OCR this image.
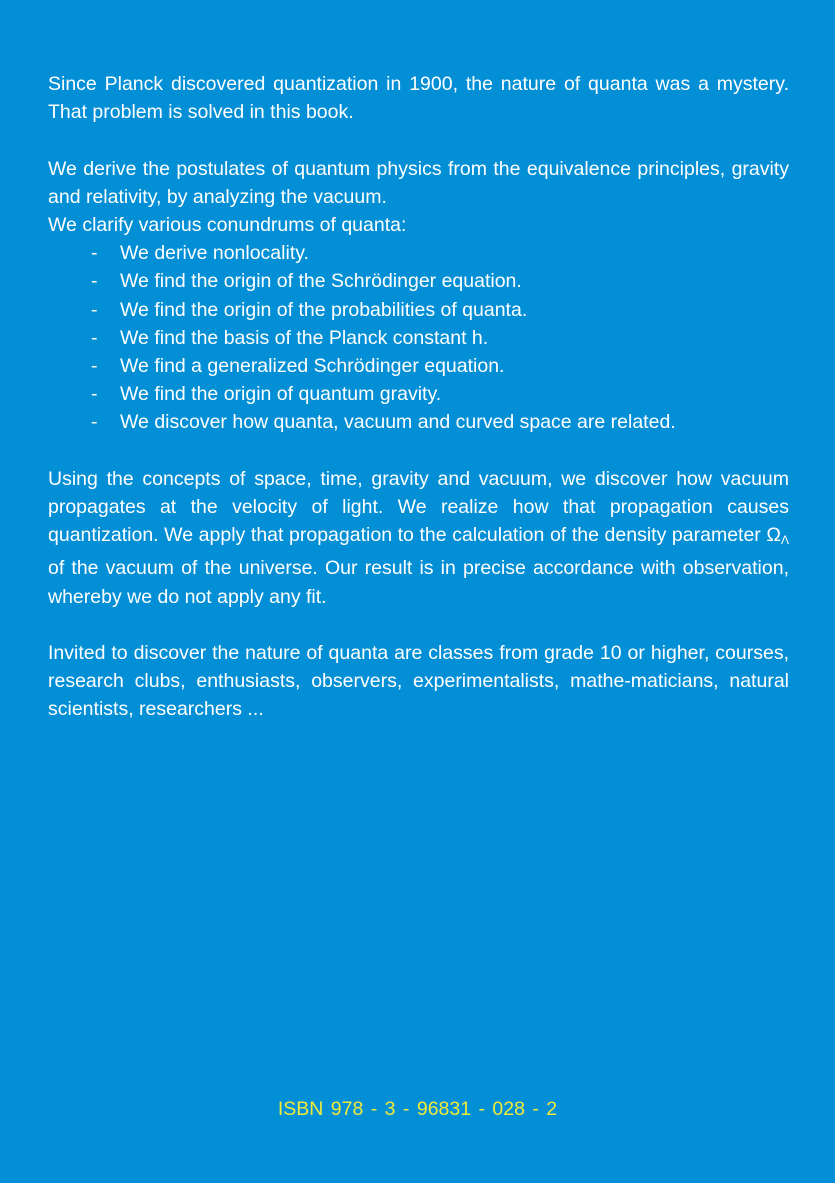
Since Planck discovered quantization in 1900, the nature of quanta was a mystery. That problem is solved in this book.

We derive the postulates of quantum physics from the equivalence principles, gravity and relativity, by analyzing the vacuum.

We clarify various conundrums of quanta:

- We derive nonlocality.
- We find the origin of the Schrödinger equation.
- We find the origin of the probabilities of quanta.
- We find the basis of the Planck constant h.
- We find a generalized Schrödinger equation.
- We find the origin of quantum gravity.
- We discover how quanta, vacuum and curved space are related.

Using the concepts of space, time, gravity and vacuum, we discover how vacuum propagates at the velocity of light. We realize how that propagation causes quantization. We apply that propagation to the calculation of the density parameter $\Omega_\Lambda$ of the vacuum of the universe. Our result is in precise accordance with observation, whereby we do not apply any fit.

Invited to discover the nature of quanta are classes from grade 10 or higher, courses, research clubs, enthusiasts, observers, experimentalists, mathe-maticians, natural scientists, researchers ...

ISBN 978 - 3 - 96831 - 028 - 2
